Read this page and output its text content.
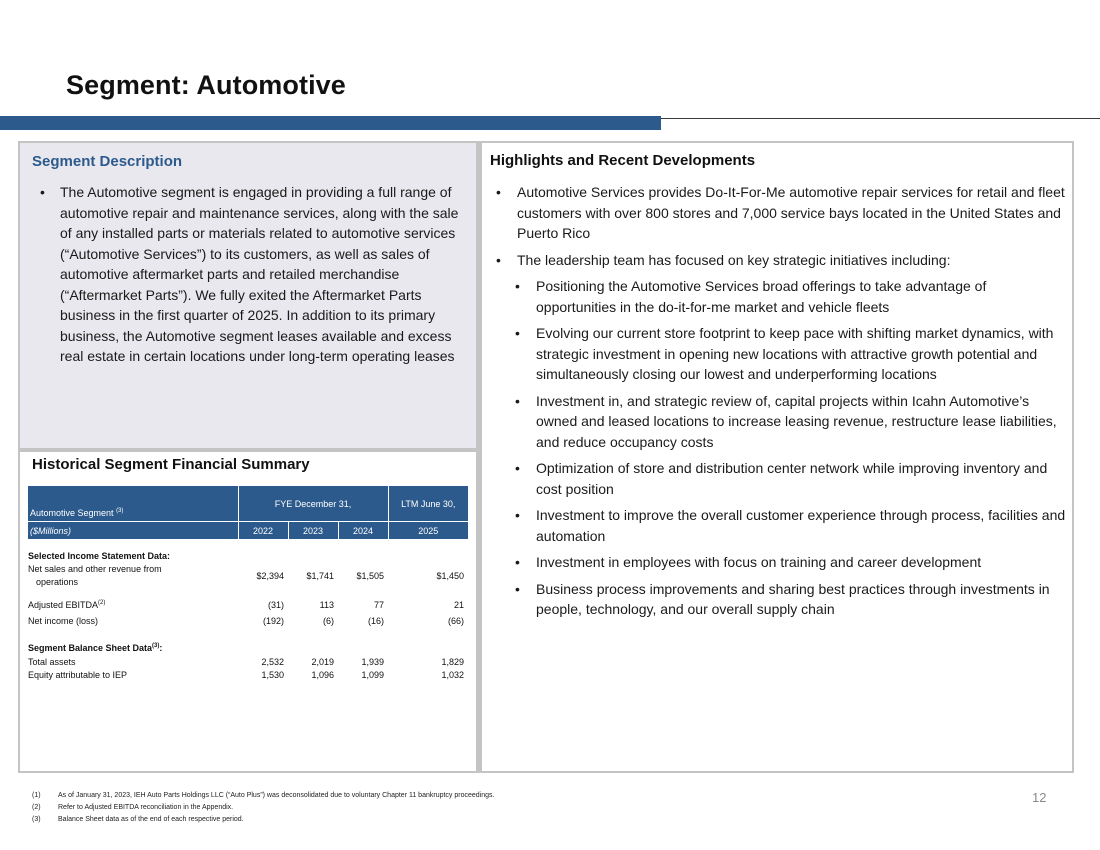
Segment: Automotive
Segment Description
• The Automotive segment is engaged in providing a full range of automotive repair and maintenance services, along with the sale of any installed parts or materials related to automotive services (“Automotive Services”) to its customers, as well as sales of automotive aftermarket parts and retailed merchandise (“Aftermarket Parts”). We fully exited the Aftermarket Parts business in the first quarter of 2025. In addition to its primary business, the Automotive segment leases available and excess real estate in certain locations under long-term operating leases
Historical Segment Financial Summary
Automotive Segment $^{(3)}$	FYE December 31,			LTM June 30,
($Millions)	2022	2023	2024	2025

Selected Income Statement Data:				
Net sales and other revenue from
operations	$2,394	$1,741	$1,505	$1,450

Adjusted EBITDA$^{(2)}$	(31)	113	77	21
Net income (loss)	(192)	(6)	(16)	(66)

Segment Balance Sheet Data$^{(3)}$:				
Total assets	2,532	2,019	1,939	1,829
Equity attributable to IEP	1,530	1,096	1,099	1,032
Highlights and Recent Developments
• Automotive Services provides Do-It-For-Me automotive repair services for retail and fleet customers with over 800 stores and 7,000 service bays located in the United States and Puerto Rico
• The leadership team has focused on key strategic initiatives including:
• Positioning the Automotive Services broad offerings to take advantage of opportunities in the do-it-for-me market and vehicle fleets
• Evolving our current store footprint to keep pace with shifting market dynamics, with strategic investment in opening new locations with attractive growth potential and simultaneously closing our lowest and underperforming locations
• Investment in, and strategic review of, capital projects within Icahn Automotive’s owned and leased locations to increase leasing revenue, restructure lease liabilities, and reduce occupancy costs
• Optimization of store and distribution center network while improving inventory and cost position
• Investment to improve the overall customer experience through process, facilities and automation
• Investment in employees with focus on training and career development
• Business process improvements and sharing best practices through investments in people, technology, and our overall supply chain
(1)	As of January 31, 2023, IEH Auto Parts Holdings LLC (“Auto Plus”) was deconsolidated due to voluntary Chapter 11 bankruptcy proceedings.
(2)	Refer to Adjusted EBITDA reconciliation in the Appendix.
(3)	Balance Sheet data as of the end of each respective period.
12
